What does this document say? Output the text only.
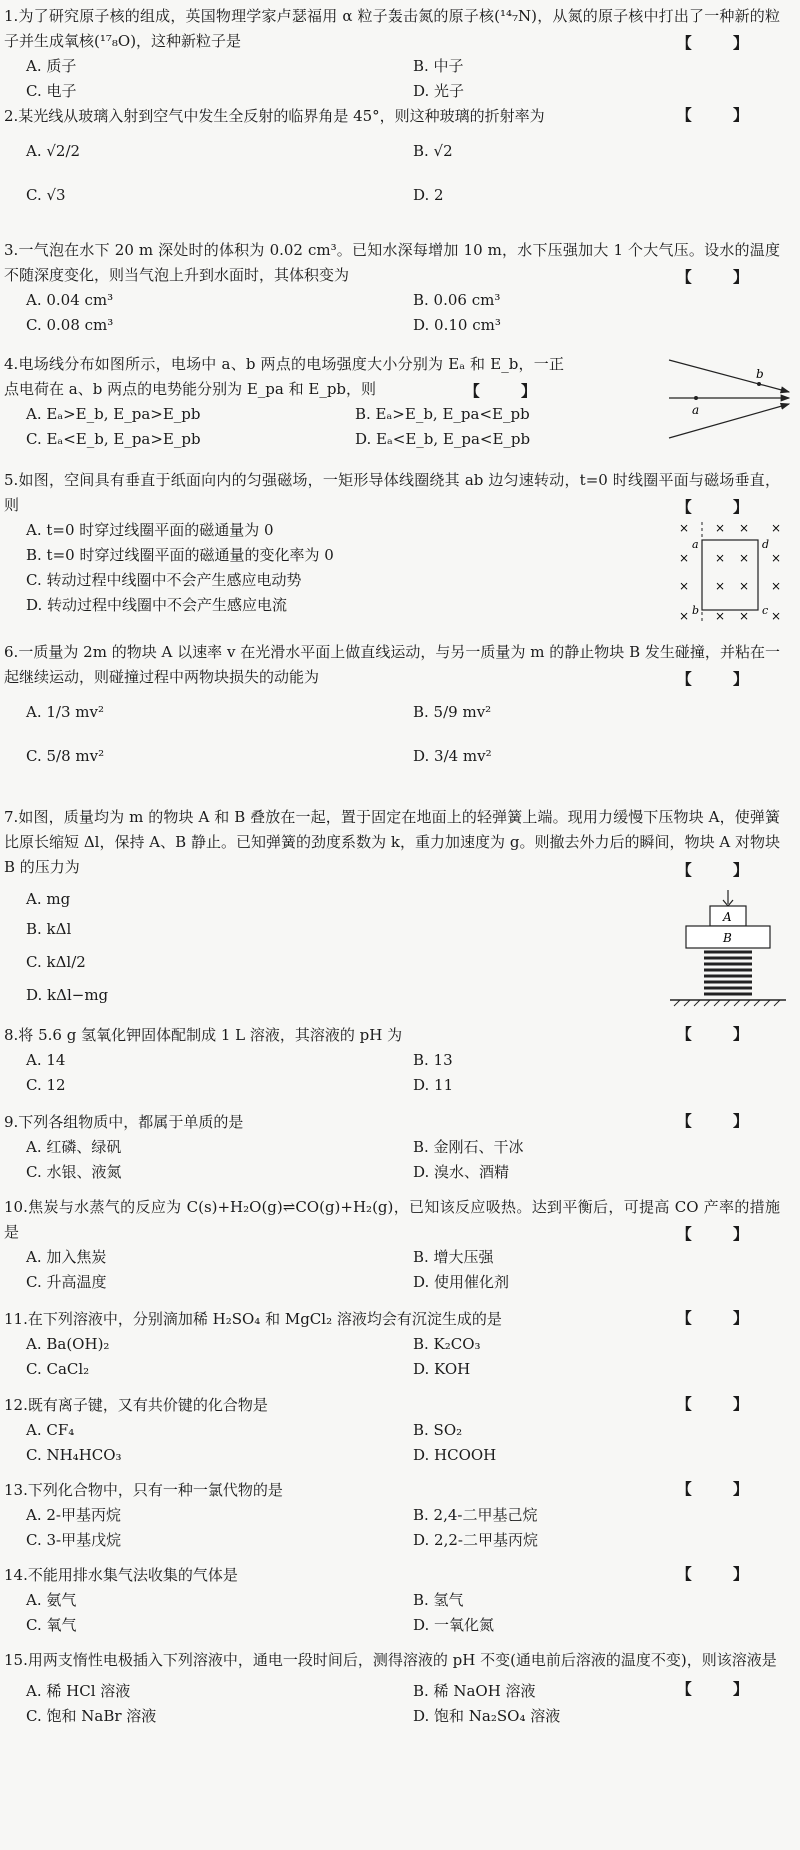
1.为了研究原子核的组成，英国物理学家卢瑟福用 α 粒子轰击氮的原子核(¹⁴₇N)，从氮的原子核中打出了一种新的粒子并生成氧核(¹⁷₈O)，这种新粒子是	【 】
A. 质子	B. 中子
C. 电子	D. 光子
2.某光线从玻璃入射到空气中发生全反射的临界角是 45°，则这种玻璃的折射率为	【 】
A. √2/2	B. √2
C. √3	D. 2
3.一气泡在水下 20 m 深处时的体积为 0.02 cm³。已知水深每增加 10 m，水下压强加大 1 个大气压。设水的温度不随深度变化，则当气泡上升到水面时，其体积变为	【 】
A. 0.04 cm³	B. 0.06 cm³
C. 0.08 cm³	D. 0.10 cm³
4.电场线分布如图所示，电场中 a、b 两点的电场强度大小分别为 Eₐ 和 E_b，一正点电荷在 a、b 两点的电势能分别为 E_pa 和 E_pb，则	【 】
A. Eₐ>E_b, E_pa>E_pb	B. Eₐ>E_b, E_pa<E_pb
C. Eₐ<E_b, E_pa>E_pb	D. Eₐ<E_b, E_pa<E_pb
a
b
5.如图，空间具有垂直于纸面向内的匀强磁场，一矩形导体线圈绕其 ab 边匀速转动，t=0 时线圈平面与磁场垂直，则	【 】
A. t=0 时穿过线圈平面的磁通量为 0
B. t=0 时穿过线圈平面的磁通量的变化率为 0
C. 转动过程中线圈中不会产生感应电动势
D. 转动过程中线圈中不会产生感应电流
a
b	c
d
× × × ×
× × × ×
× × × ×
× × × ×
6.一质量为 2m 的物块 A 以速率 v 在光滑水平面上做直线运动，与另一质量为 m 的静止物块 B 发生碰撞，并粘在一起继续运动，则碰撞过程中两物块损失的动能为	【 】
A. 1/3 mv²	B. 5/9 mv²
C. 5/8 mv²	D. 3/4 mv²
7.如图，质量均为 m 的物块 A 和 B 叠放在一起，置于固定在地面上的轻弹簧上端。现用力缓慢下压物块 A，使弹簧比原长缩短 Δl，保持 A、B 静止。已知弹簧的劲度系数为 k，重力加速度为 g。则撤去外力后的瞬间，物块 A 对物块 B 的压力为	【 】
A. mg
B. kΔl
C. kΔl/2
D. kΔl−mg
A
B
8.将 5.6 g 氢氧化钾固体配制成 1 L 溶液，其溶液的 pH 为	【 】
A. 14	B. 13
C. 12	D. 11
9.下列各组物质中，都属于单质的是	【 】
A. 红磷、绿矾	B. 金刚石、干冰
C. 水银、液氮	D. 溴水、酒精
10.焦炭与水蒸气的反应为 C(s)+H₂O(g)⇌CO(g)+H₂(g)，已知该反应吸热。达到平衡后，可提高 CO 产率的措施是	【 】
A. 加入焦炭	B. 增大压强
C. 升高温度	D. 使用催化剂
11.在下列溶液中，分别滴加稀 H₂SO₄ 和 MgCl₂ 溶液均会有沉淀生成的是	【 】
A. Ba(OH)₂	B. K₂CO₃
C. CaCl₂	D. KOH
12.既有离子键，又有共价键的化合物是	【 】
A. CF₄	B. SO₂
C. NH₄HCO₃	D. HCOOH
13.下列化合物中，只有一种一氯代物的是	【 】
A. 2-甲基丙烷	B. 2,4-二甲基己烷
C. 3-甲基戊烷	D. 2,2-二甲基丙烷
14.不能用排水集气法收集的气体是	【 】
A. 氨气	B. 氢气
C. 氧气	D. 一氧化氮
15.用两支惰性电极插入下列溶液中，通电一段时间后，测得溶液的 pH 不变(通电前后溶液的温度不变)，则该溶液是
【 】
A. 稀 HCl 溶液	B. 稀 NaOH 溶液
C. 饱和 NaBr 溶液	D. 饱和 Na₂SO₄ 溶液
